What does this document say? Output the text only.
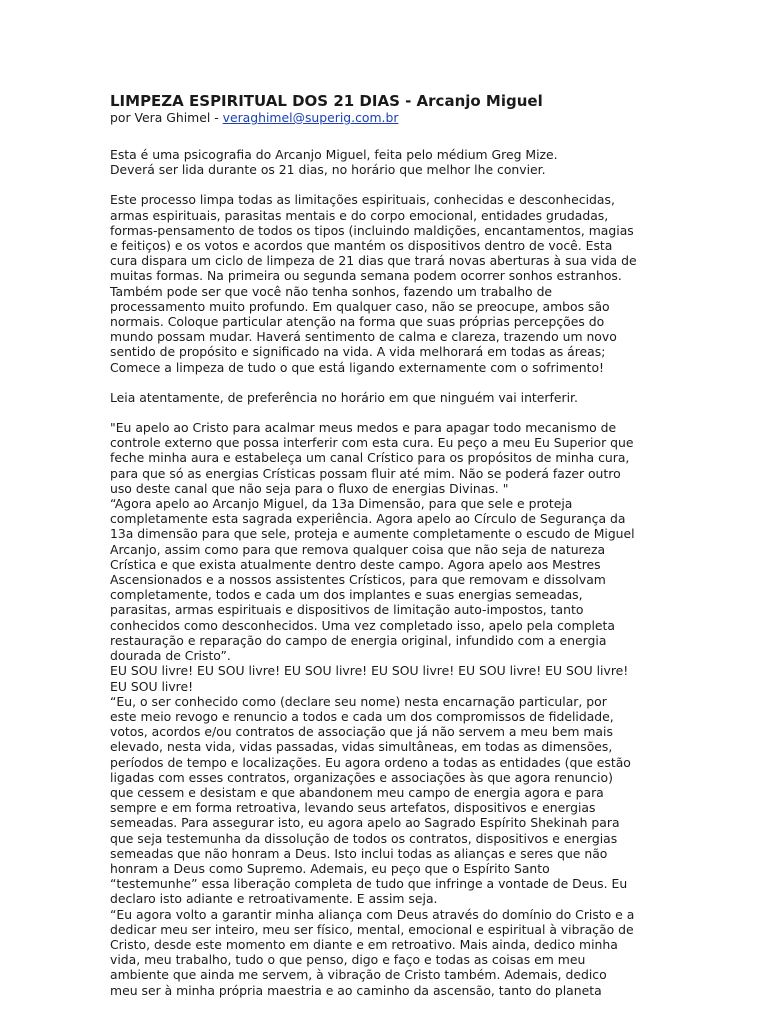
LIMPEZA ESPIRITUAL DOS 21 DIAS - Arcanjo Miguel

por Vera Ghimel - veraghimel@superig.com.br

Esta é uma psicografia do Arcanjo Miguel, feita pelo médium Greg Mize.
Deverá ser lida durante os 21 dias, no horário que melhor lhe convier.

Este processo limpa todas as limitações espirituais, conhecidas e desconhecidas,
armas espirituais, parasitas mentais e do corpo emocional, entidades grudadas,
formas-pensamento de todos os tipos (incluindo maldições, encantamentos, magias
e feitiços) e os votos e acordos que mantém os dispositivos dentro de você. Esta
cura dispara um ciclo de limpeza de 21 dias que trará novas aberturas à sua vida de
muitas formas. Na primeira ou segunda semana podem ocorrer sonhos estranhos.
Também pode ser que você não tenha sonhos, fazendo um trabalho de
processamento muito profundo. Em qualquer caso, não se preocupe, ambos são
normais. Coloque particular atenção na forma que suas próprias percepções do
mundo possam mudar. Haverá sentimento de calma e clareza, trazendo um novo
sentido de propósito e significado na vida. A vida melhorará em todas as áreas;
Comece a limpeza de tudo o que está ligando externamente com o sofrimento!

Leia atentamente, de preferência no horário em que ninguém vai interferir.

"Eu apelo ao Cristo para acalmar meus medos e para apagar todo mecanismo de
controle externo que possa interferir com esta cura. Eu peço a meu Eu Superior que
feche minha aura e estabeleça um canal Crístico para os propósitos de minha cura,
para que só as energias Crísticas possam fluir até mim. Não se poderá fazer outro
uso deste canal que não seja para o fluxo de energias Divinas. "
“Agora apelo ao Arcanjo Miguel, da 13a Dimensão, para que sele e proteja
completamente esta sagrada experiência. Agora apelo ao Círculo de Segurança da
13a dimensão para que sele, proteja e aumente completamente o escudo de Miguel
Arcanjo, assim como para que remova qualquer coisa que não seja de natureza
Crística e que exista atualmente dentro deste campo. Agora apelo aos Mestres
Ascensionados e a nossos assistentes Crísticos, para que removam e dissolvam
completamente, todos e cada um dos implantes e suas energias semeadas,
parasitas, armas espirituais e dispositivos de limitação auto-impostos, tanto
conhecidos como desconhecidos. Uma vez completado isso, apelo pela completa
restauração e reparação do campo de energia original, infundido com a energia
dourada de Cristo”.
EU SOU livre! EU SOU livre! EU SOU livre! EU SOU livre! EU SOU livre! EU SOU livre!
EU SOU livre!
“Eu, o ser conhecido como (declare seu nome) nesta encarnação particular, por
este meio revogo e renuncio a todos e cada um dos compromissos de fidelidade,
votos, acordos e/ou contratos de associação que já não servem a meu bem mais
elevado, nesta vida, vidas passadas, vidas simultâneas, em todas as dimensões,
períodos de tempo e localizações. Eu agora ordeno a todas as entidades (que estão
ligadas com esses contratos, organizações e associações às que agora renuncio)
que cessem e desistam e que abandonem meu campo de energia agora e para
sempre e em forma retroativa, levando seus artefatos, dispositivos e energias
semeadas. Para assegurar isto, eu agora apelo ao Sagrado Espírito Shekinah para
que seja testemunha da dissolução de todos os contratos, dispositivos e energias
semeadas que não honram a Deus. Isto inclui todas as alianças e seres que não
honram a Deus como Supremo. Ademais, eu peço que o Espírito Santo
“testemunhe” essa liberação completa de tudo que infringe a vontade de Deus. Eu
declaro isto adiante e retroativamente. E assim seja.
“Eu agora volto a garantir minha aliança com Deus através do domínio do Cristo e a
dedicar meu ser inteiro, meu ser físico, mental, emocional e espiritual à vibração de
Cristo, desde este momento em diante e em retroativo. Mais ainda, dedico minha
vida, meu trabalho, tudo o que penso, digo e faço e todas as coisas em meu
ambiente que ainda me servem, à vibração de Cristo também. Ademais, dedico
meu ser à minha própria maestria e ao caminho da ascensão, tanto do planeta
